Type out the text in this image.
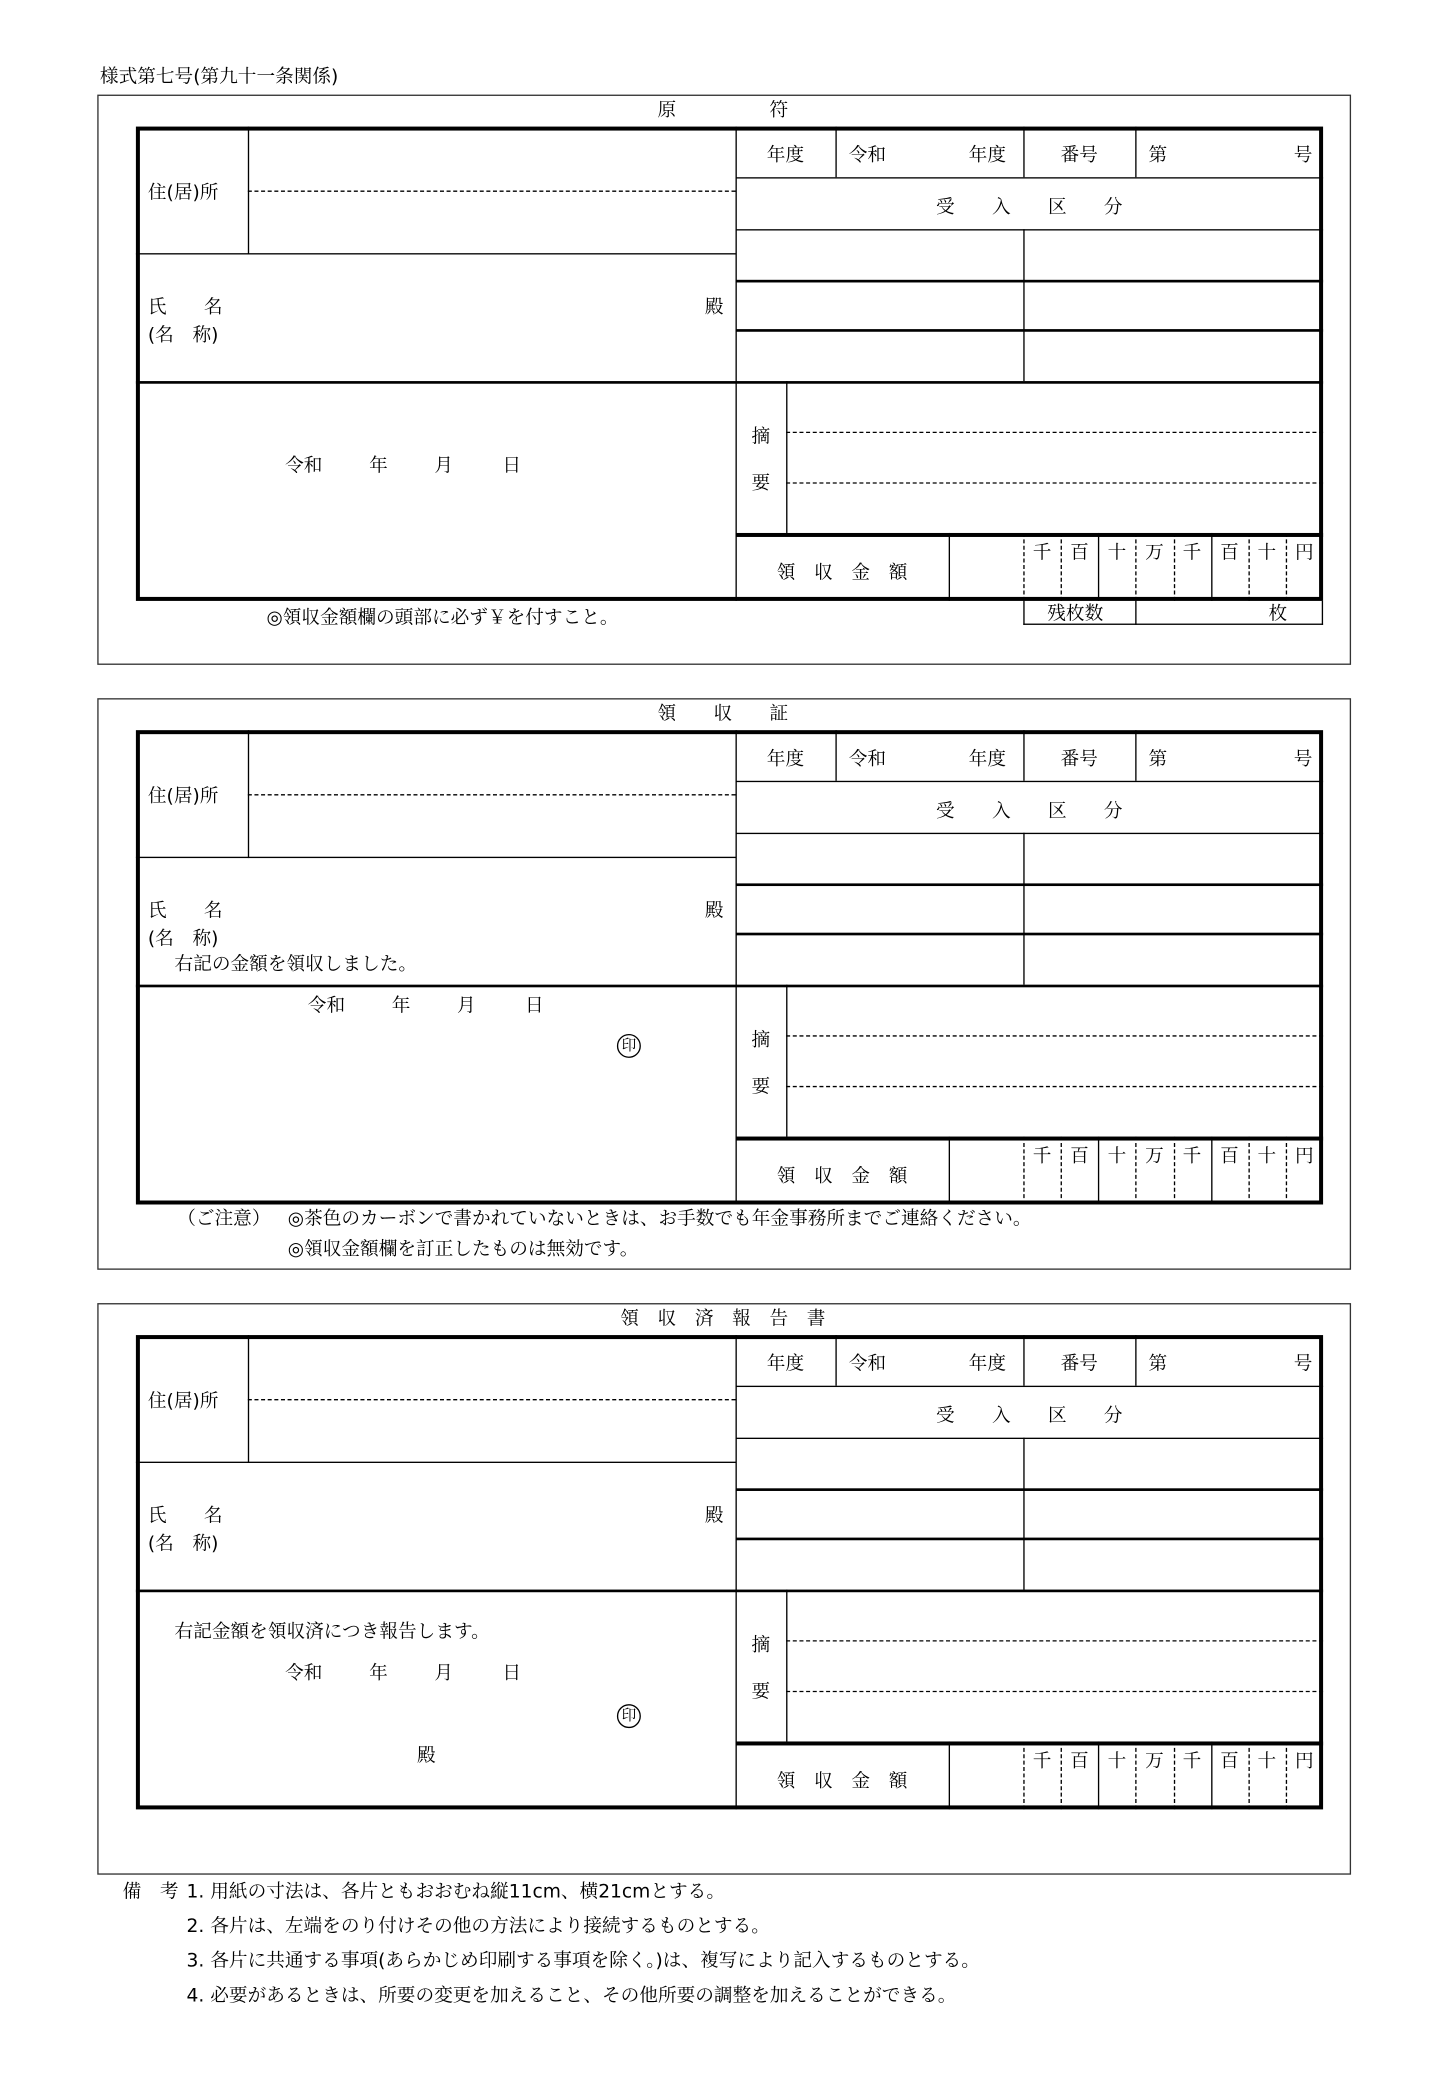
様式第七号(第九十一条関係)
原　　　　　符
千	百	十	万	千	百	十	円
住(居)所
氏　　名
(名　称)
殿
年度	令和	年度	番号	第	号
受　　入　　区　　分
摘
要
領　収　金　額
令和	年	月	日
◎領収金額欄の頭部に必ず￥を付すこと。	残枚数	枚
領　　収　　証
千	百	十	万	千	百	十	円
住(居)所
氏　　名
(名　称)
殿
年度	令和	年度	番号	第	号
受　　入　　区　　分
摘
要
領　収　金　額
右記の金額を領収しました。
令和	年	月	日
印
（ご注意） ◎茶色のカーボンで書かれていないときは、お手数でも年金事務所までご連絡ください。
◎領収金額欄を訂正したものは無効です。
領　収　済　報　告　書
千	百	十	万	千	百	十	円
住(居)所
氏　　名
(名　称)
殿
年度	令和	年度	番号	第	号
受　　入　　区　　分
摘
要
領　収　金　額
右記金額を領収済につき報告します。
令和	年	月	日
印
殿
備　考 1. 用紙の寸法は、各片ともおおむね縦11cm、横21cmとする。
2. 各片は、左端をのり付けその他の方法により接続するものとする。
3. 各片に共通する事項(あらかじめ印刷する事項を除く。)は、複写により記入するものとする。
4. 必要があるときは、所要の変更を加えること、その他所要の調整を加えることができる。
